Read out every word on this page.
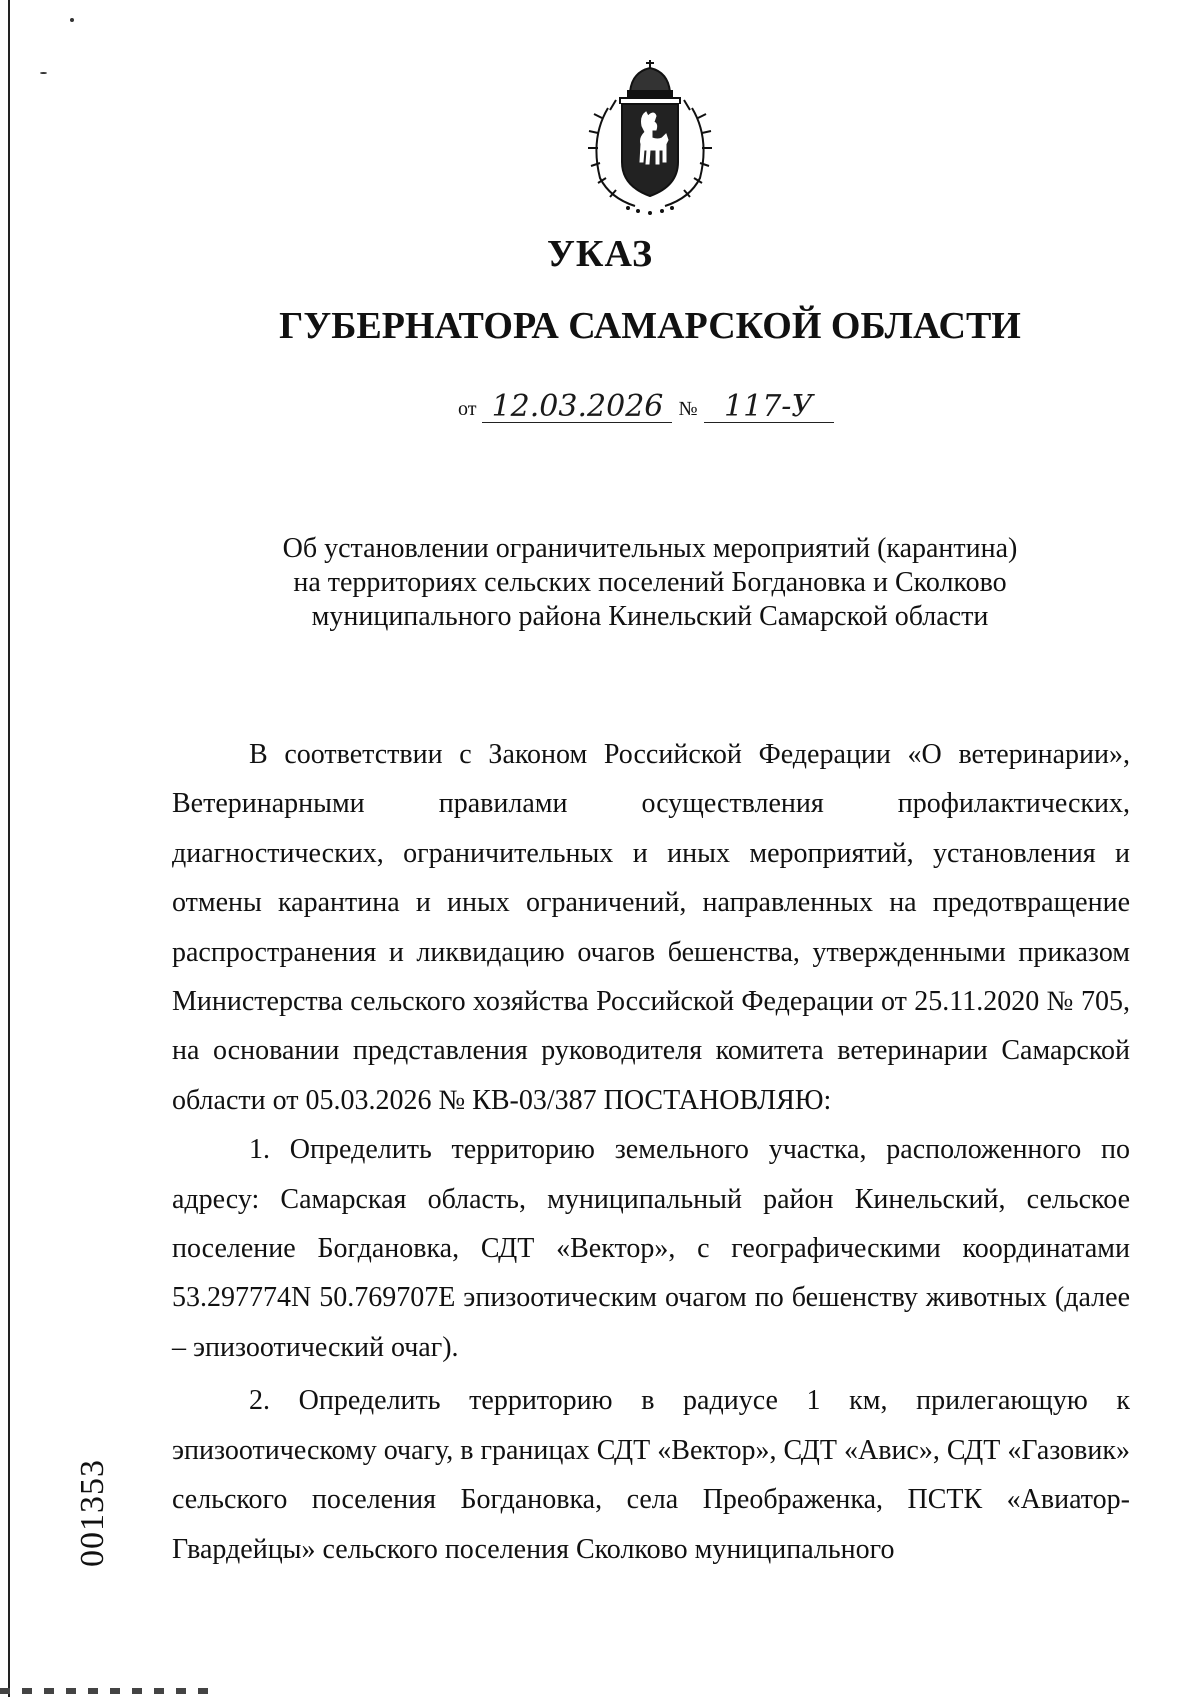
УКАЗ
ГУБЕРНАТОРА САМАРСКОЙ ОБЛАСТИ
от 12.03.2026 № 117-У
Об установлении ограничительных мероприятий (карантина)
на территориях сельских поселений Богдановка и Сколково
муниципального района Кинельский Самарской области

В соответствии с Законом Российской Федерации «О ветеринарии», Ветеринарными правилами осуществления профилактических, диагностических, ограничительных и иных мероприятий, установления и отмены карантина и иных ограничений, направленных на предотвращение распространения и ликвидацию очагов бешенства, утвержденными приказом Министерства сельского хозяйства Российской Федерации от 25.11.2020 № 705, на основании представления руководителя комитета ветеринарии Самарской области от 05.03.2026 № КВ-03/387 ПОСТАНОВЛЯЮ:

1. Определить территорию земельного участка, расположенного по адресу: Самарская область, муниципальный район Кинельский, сельское поселение Богдановка, СДТ «Вектор», с географическими координатами 53.297774N 50.769707E эпизоотическим очагом по бешенству животных (далее – эпизоотический очаг).

2. Определить территорию в радиусе 1 км, прилегающую к эпизоотическому очагу, в границах СДТ «Вектор», СДТ «Авис», СДТ «Газовик» сельского поселения Богдановка, села Преображенка, ПСТК «Авиатор-Гвардейцы» сельского поселения Сколково муниципального

001353
